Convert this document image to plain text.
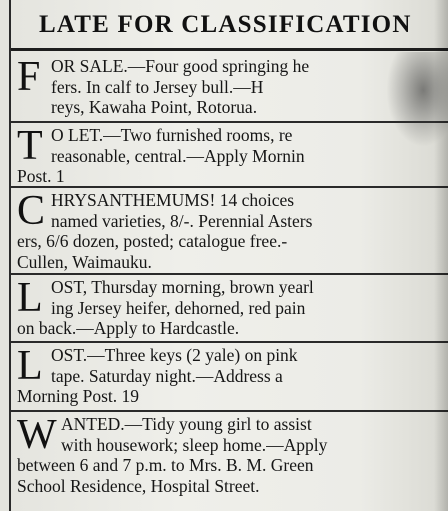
LATE FOR CLASSIFICATION
F OR SALE.—Four good springing he
fers. In calf to Jersey bull.—H
reys, Kawaha Point, Rotorua.
T O LET.—Two furnished rooms, re
reasonable, central.—Apply Mornin
Post. 1
C HRYSANTHEMUMS! 14 choices
named varieties, 8/-. Perennial Asters
ers, 6/6 dozen, posted; catalogue free.-
Cullen, Waimauku.
L OST, Thursday morning, brown yearl
ing Jersey heifer, dehorned, red pain
on back.—Apply to Hardcastle.
L OST.—Three keys (2 yale) on pink
tape. Saturday night.—Address a
Morning Post. 19
W ANTED.—Tidy young girl to assist
with housework; sleep home.—Apply
between 6 and 7 p.m. to Mrs. B. M. Green
School Residence, Hospital Street.
